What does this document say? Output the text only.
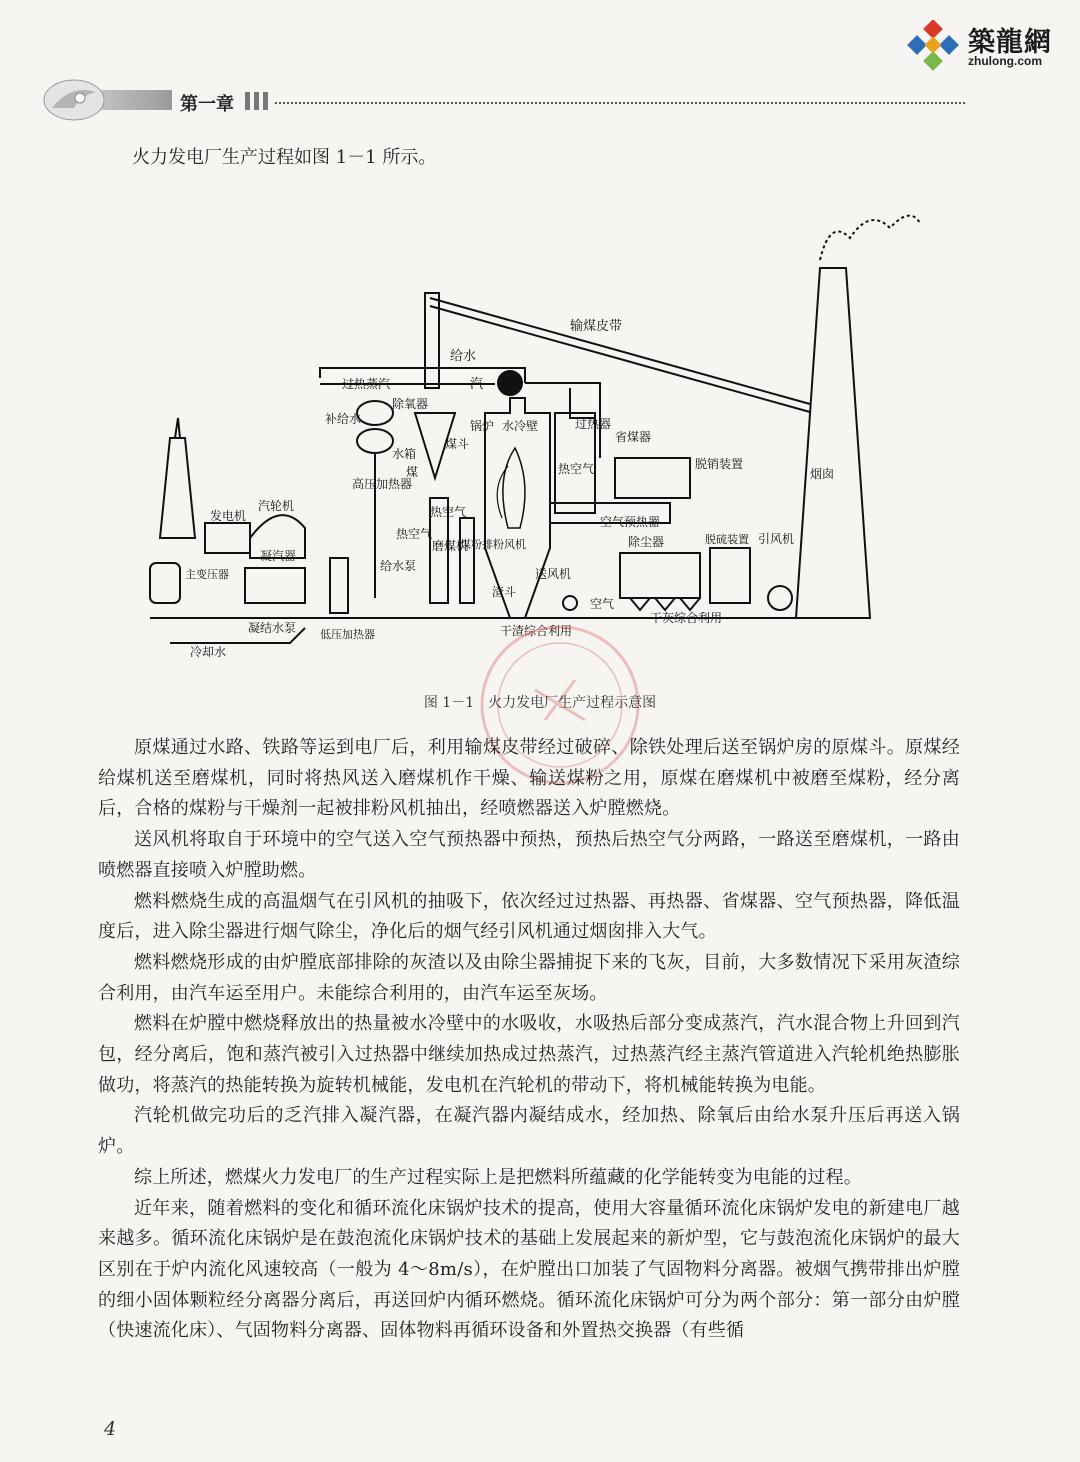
築龍網
zhulong.com
第一章
火力发电厂生产过程如图 1－1 所示。
输煤皮带
给水
汽
过热蒸汽
除氧器
补给水
水箱
高压加热器
煤斗
煤
热空气
热空气
给水泵
磨煤机
煤粉排粉风机
锅炉 水冷壁
渣斗
送风机
过热器
热空气
省煤器
脱销装置
空气预热器
除尘器	脱硫装置 引风机
烟囱
空气
干渣综合利用
干灰综合利用
汽轮机
发电机
凝汽器
主变压器
凝结水泵 低压加热器
冷却水
图 1－1　火力发电厂生产过程示意图

原煤通过水路、铁路等运到电厂后，利用输煤皮带经过破碎、除铁处理后送至锅炉房的原煤斗。原煤经给煤机送至磨煤机，同时将热风送入磨煤机作干燥、输送煤粉之用，原煤在磨煤机中被磨至煤粉，经分离后，合格的煤粉与干燥剂一起被排粉风机抽出，经喷燃器送入炉膛燃烧。

送风机将取自于环境中的空气送入空气预热器中预热，预热后热空气分两路，一路送至磨煤机，一路由喷燃器直接喷入炉膛助燃。

燃料燃烧生成的高温烟气在引风机的抽吸下，依次经过过热器、再热器、省煤器、空气预热器，降低温度后，进入除尘器进行烟气除尘，净化后的烟气经引风机通过烟囱排入大气。

燃料燃烧形成的由炉膛底部排除的灰渣以及由除尘器捕捉下来的飞灰，目前，大多数情况下采用灰渣综合利用，由汽车运至用户。未能综合利用的，由汽车运至灰场。

燃料在炉膛中燃烧释放出的热量被水冷壁中的水吸收，水吸热后部分变成蒸汽，汽水混合物上升回到汽包，经分离后，饱和蒸汽被引入过热器中继续加热成过热蒸汽，过热蒸汽经主蒸汽管道进入汽轮机绝热膨胀做功，将蒸汽的热能转换为旋转机械能，发电机在汽轮机的带动下，将机械能转换为电能。

汽轮机做完功后的乏汽排入凝汽器，在凝汽器内凝结成水，经加热、除氧后由给水泵升压后再送入锅炉。

综上所述，燃煤火力发电厂的生产过程实际上是把燃料所蕴藏的化学能转变为电能的过程。

近年来，随着燃料的变化和循环流化床锅炉技术的提高，使用大容量循环流化床锅炉发电的新建电厂越来越多。循环流化床锅炉是在鼓泡流化床锅炉技术的基础上发展起来的新炉型，它与鼓泡流化床锅炉的最大区别在于炉内流化风速较高（一般为 4～8m/s），在炉膛出口加装了气固物料分离器。被烟气携带排出炉膛的细小固体颗粒经分离器分离后，再送回炉内循环燃烧。循环流化床锅炉可分为两个部分：第一部分由炉膛（快速流化床）、气固物料分离器、固体物料再循环设备和外置热交换器（有些循

4
